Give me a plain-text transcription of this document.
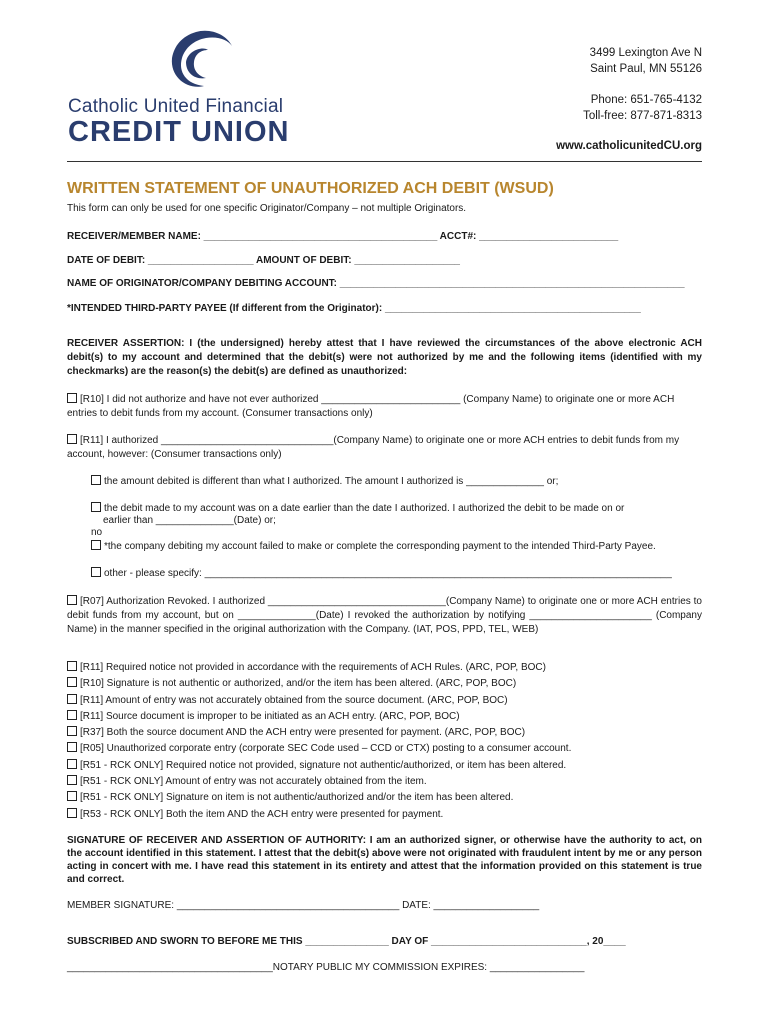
Catholic United Financial
CREDIT UNION
3499 Lexington Ave N
Saint Paul, MN 55126
Phone: 651-765-4132
Toll-free: 877-871-8313
www.catholicunitedCU.org
WRITTEN STATEMENT OF UNAUTHORIZED ACH DEBIT (WSUD)
This form can only be used for one specific Originator/Company – not multiple Originators.
RECEIVER/MEMBER NAME: __________________________________________ ACCT#: _________________________
DATE OF DEBIT: ___________________ AMOUNT OF DEBIT: ___________________
NAME OF ORIGINATOR/COMPANY DEBITING ACCOUNT: ______________________________________________________________
*INTENDED THIRD-PARTY PAYEE (If different from the Originator): ______________________________________________
RECEIVER ASSERTION: I (the undersigned) hereby attest that I have reviewed the circumstances of the above electronic ACH debit(s) to my account and determined that the debit(s) were not authorized by me and the following items (identified with my checkmarks) are the reason(s) the debit(s) are defined as unauthorized:
[R10] I did not authorize and have not ever authorized _________________________ (Company Name) to originate one or more ACH entries to debit funds from my account. (Consumer transactions only)
[R11] I authorized _______________________________(Company Name) to originate one or more ACH entries to debit funds from my account, however: (Consumer transactions only)
the amount debited is different than what I authorized. The amount I authorized is ______________ or;
the debit made to my account was on a date earlier than the date I authorized. I authorized the debit to be made on or
earlier than ______________(Date) or;
no
*the company debiting my account failed to make or complete the corresponding payment to the intended Third-Party Payee.
other - please specify: ____________________________________________________________________________________
[R07] Authorization Revoked. I authorized ________________________________(Company Name) to originate one or more ACH entries to debit funds from my account, but on ______________(Date) I revoked the authorization by notifying ______________________ (Company Name) in the manner specified in the original authorization with the Company. (IAT, POS, PPD, TEL, WEB)
[R11] Required notice not provided in accordance with the requirements of ACH Rules. (ARC, POP, BOC)
[R10] Signature is not authentic or authorized, and/or the item has been altered. (ARC, POP, BOC)
[R11] Amount of entry was not accurately obtained from the source document. (ARC, POP, BOC)
[R11] Source document is improper to be initiated as an ACH entry. (ARC, POP, BOC)
[R37] Both the source document AND the ACH entry were presented for payment. (ARC, POP, BOC)
[R05] Unauthorized corporate entry (corporate SEC Code used – CCD or CTX) posting to a consumer account.
[R51 - RCK ONLY] Required notice not provided, signature not authentic/authorized, or item has been altered.
[R51 - RCK ONLY] Amount of entry was not accurately obtained from the item.
[R51 - RCK ONLY] Signature on item is not authentic/authorized and/or the item has been altered.
[R53 - RCK ONLY] Both the item AND the ACH entry were presented for payment.
SIGNATURE OF RECEIVER AND ASSERTION OF AUTHORITY: I am an authorized signer, or otherwise have the authority to act, on the account identified in this statement. I attest that the debit(s) above were not originated with fraudulent intent by me or any person acting in concert with me. I have read this statement in its entirety and attest that the information provided on this statement is true and correct.
MEMBER SIGNATURE: ________________________________________ DATE: ___________________
SUBSCRIBED AND SWORN TO BEFORE ME THIS _______________ DAY OF ____________________________, 20____
_____________________________________NOTARY PUBLIC MY COMMISSION EXPIRES: _________________
